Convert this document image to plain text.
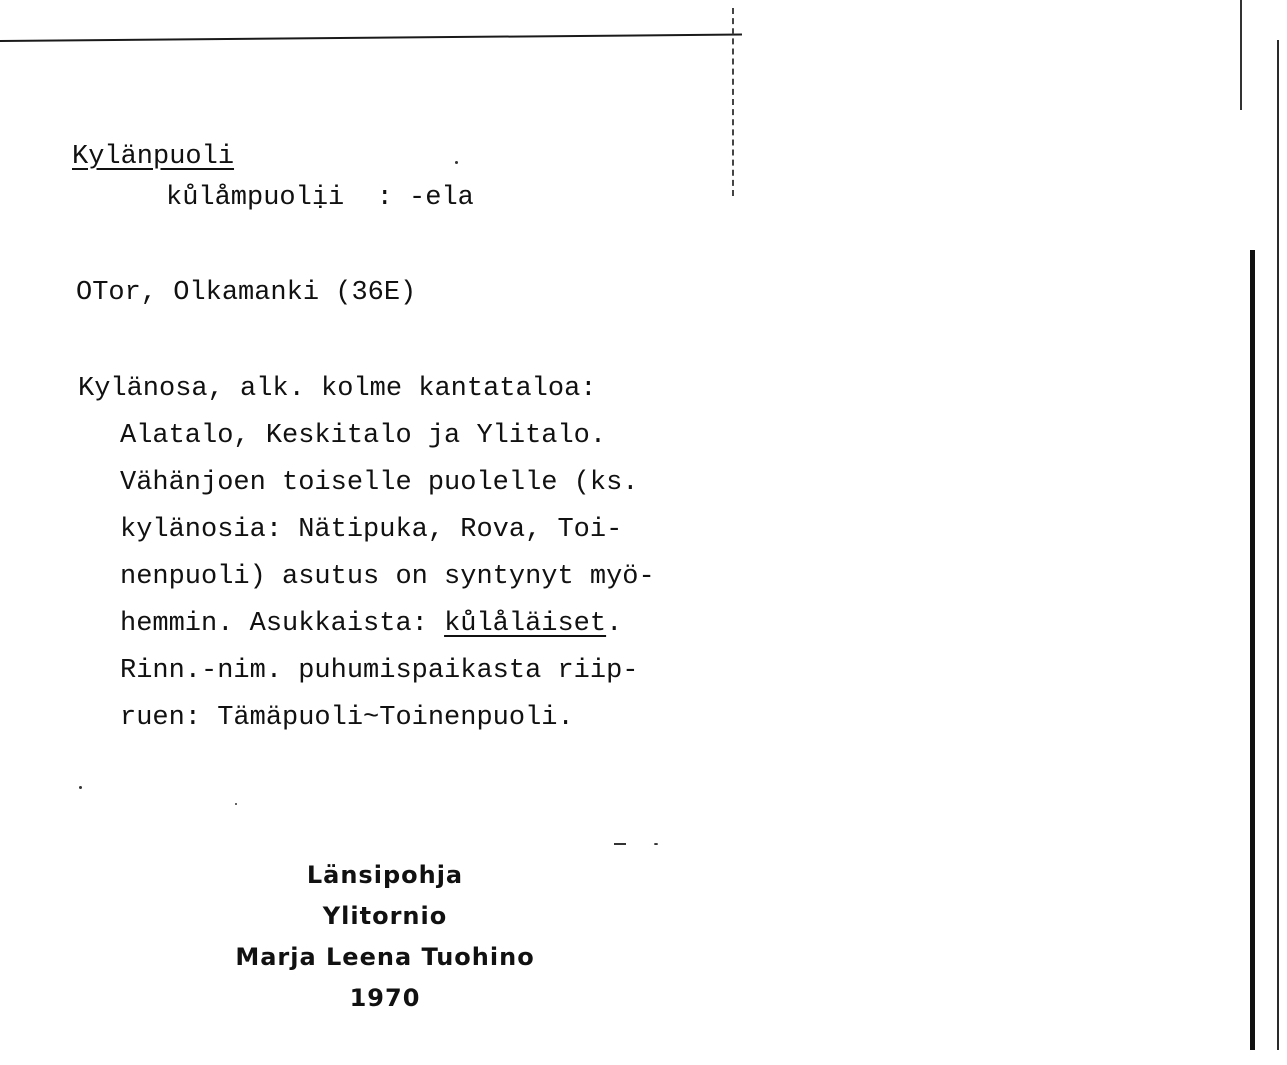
Kylänpuoli
kůlåmpuolịi  : -ela
OTor, Olkamanki (36E)
Kylänosa, alk. kolme kantataloa:
Alatalo, Keskitalo ja Ylitalo.
Vähänjoen toiselle puolelle (ks.
kylänosia: Nätipuka, Rova, Toi-
nenpuoli) asutus on syntynyt myö-
hemmin. Asukkaista: kůlåläiset.
Rinn.-nim. puhumispaikasta riip-
ruen: Tämäpuoli~Toinenpuoli.
Länsipohja
Ylitornio
Marja Leena Tuohino
1970
